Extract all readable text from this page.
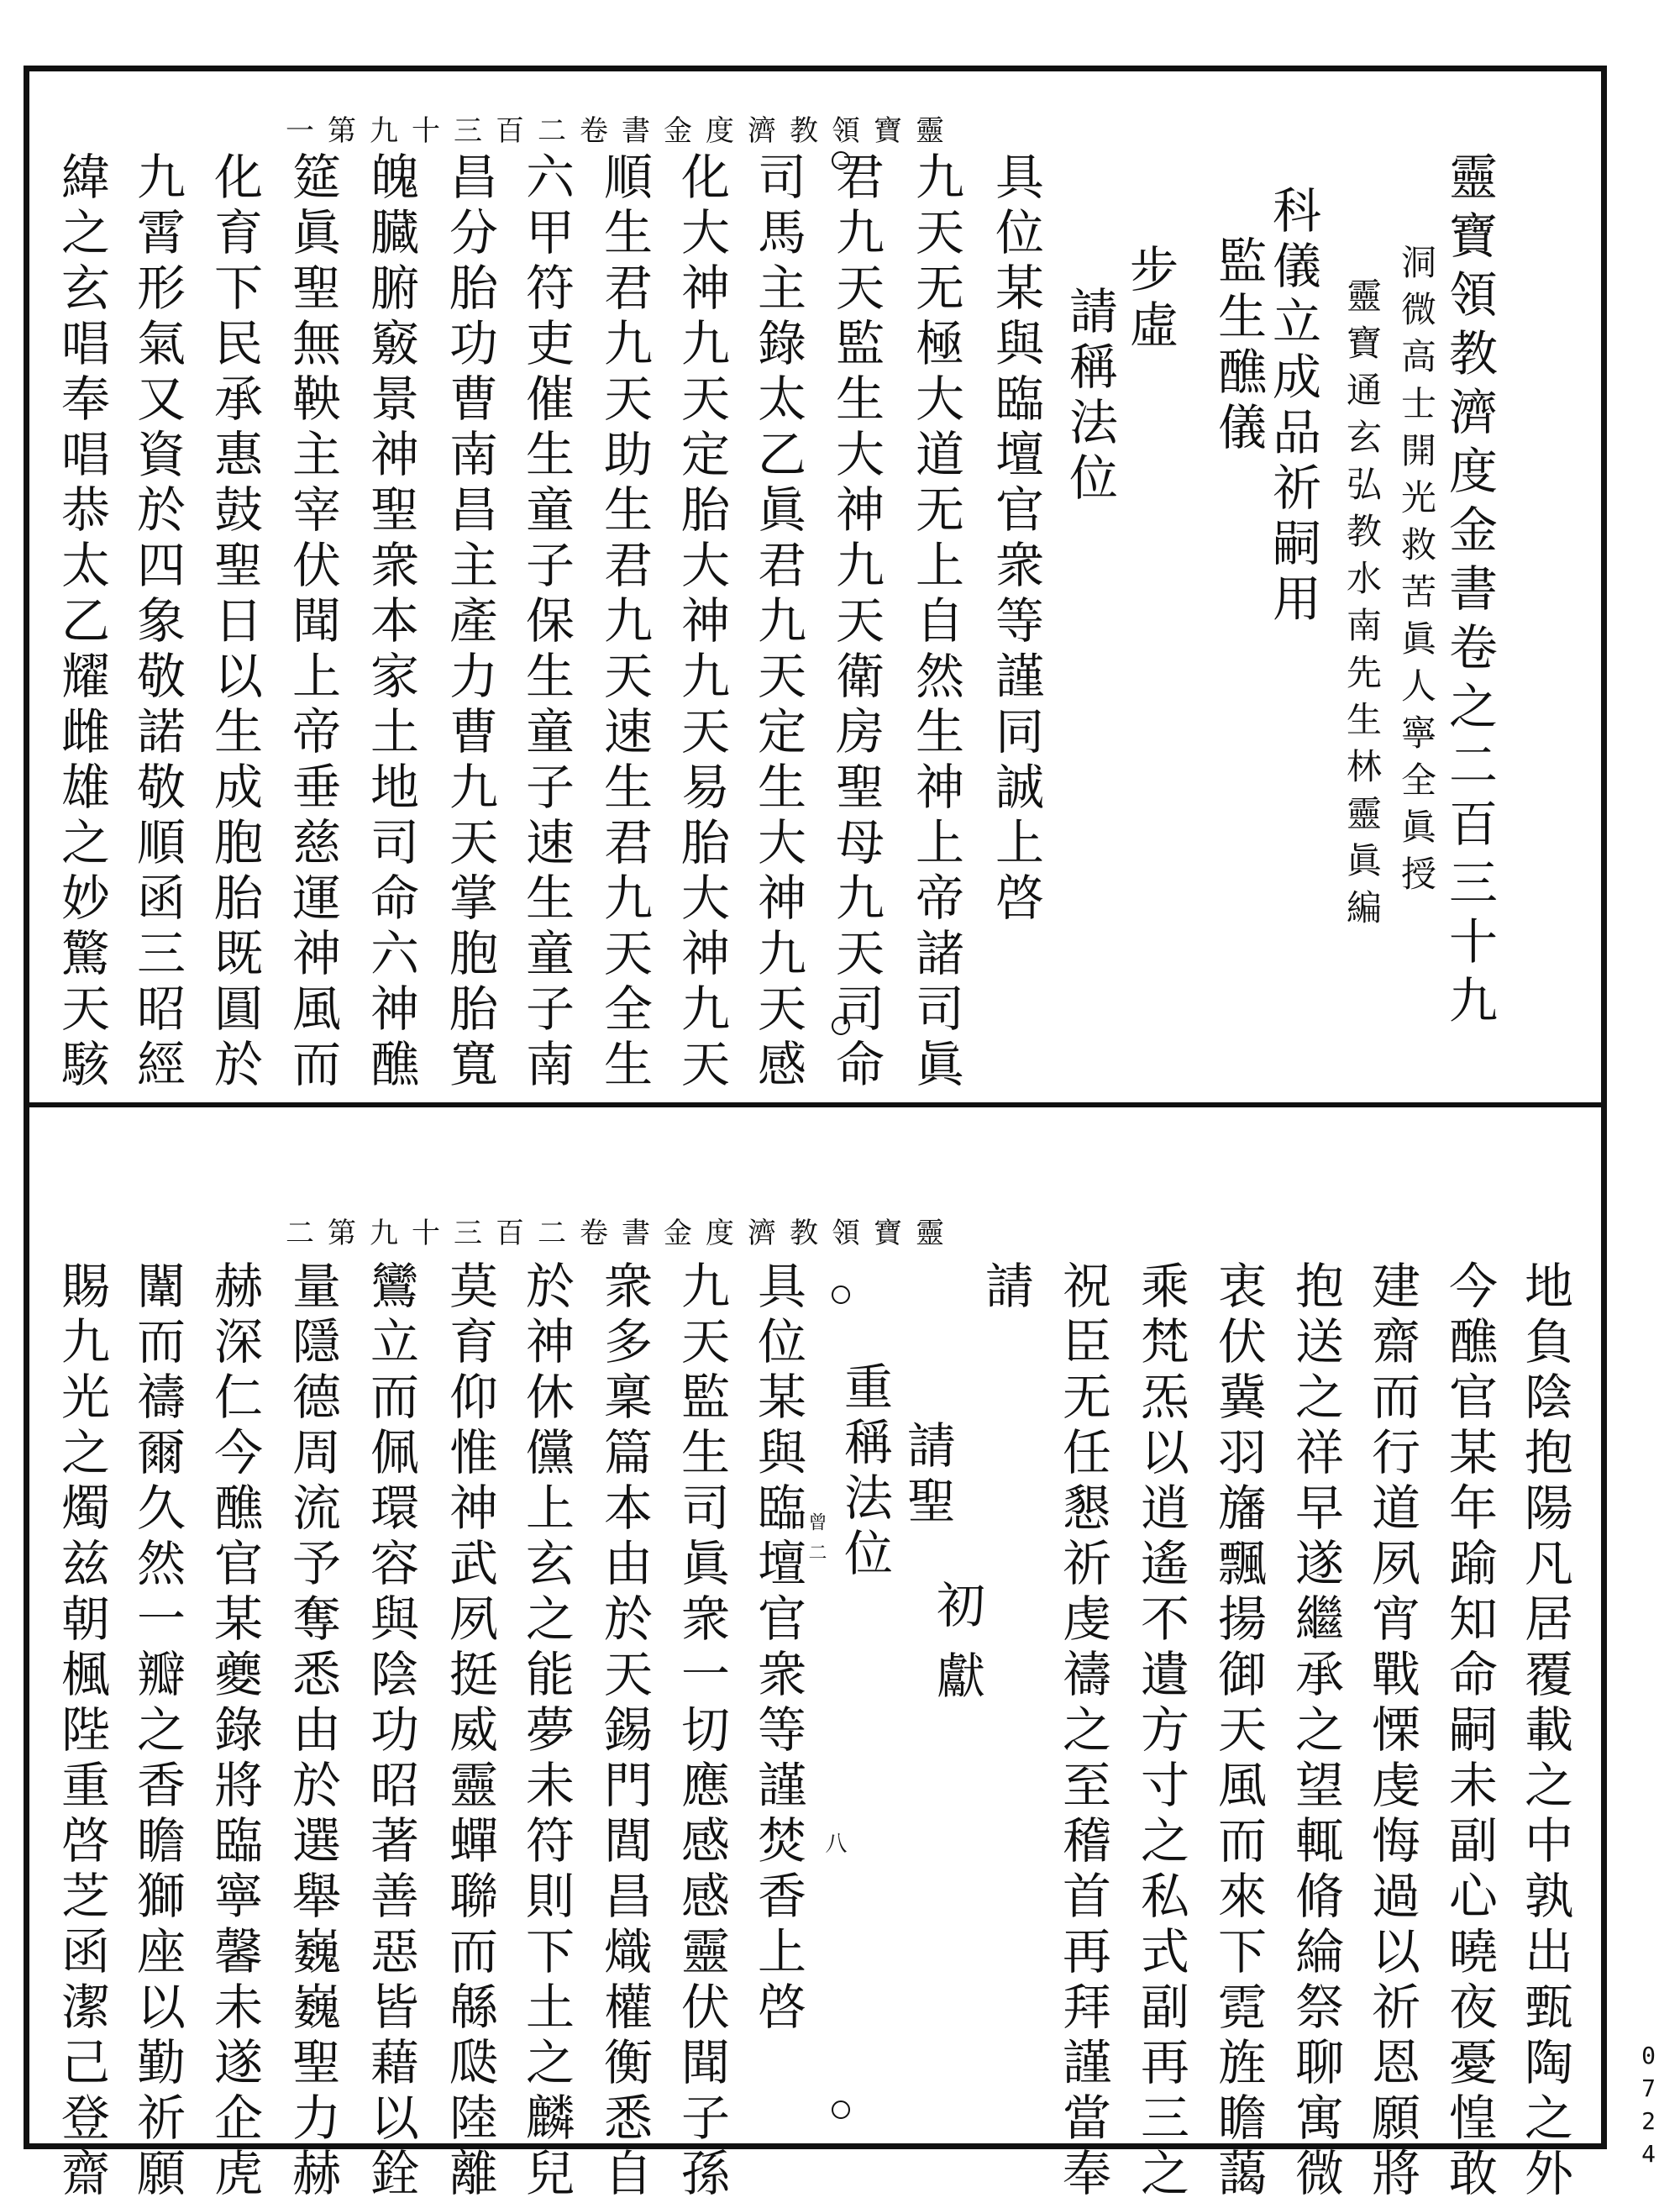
靈寶領教濟度金書卷二百三十九第一
靈寶領教濟度金書卷之二百三十九
洞微高士開光救苦眞人寧全眞授
靈寶通玄弘教水南先生林靈眞編
科儀立成品祈嗣用
監生醮儀
步虛
請稱法位
具位某與臨壇官衆等謹同誠上啓
九天无極大道无上自然生神上帝諸司眞
君九天監生大神九天衛房聖母九天司命
司馬主錄太乙眞君九天定生大神九天感
化大神九天定胎大神九天易胎大神九天
順生君九天助生君九天速生君九天全生
六甲符吏催生童子保生童子速生童子南
昌分胎功曹南昌主產力曹九天掌胞胎寬
魄臓腑竅景神聖衆本家土地司命六神醮
筵眞聖無鞅主宰伏聞上帝垂慈運神風而
化育下民承惠鼓聖日以生成胞胎既圓於
九霄形氣又資於四象敬諾敬順函三昭經
緯之玄唱奉唱恭太乙耀雌雄之妙驚天駭
靈寶領教濟度金書卷二百三十九第二
地負陰抱陽凡居覆載之中孰出甄陶之外
今醮官某年踰知命嗣未副心曉夜憂惶敢
建齋而行道夙宵戰慄虔悔過以祈恩願將
抱送之祥早遂繼承之望輒脩綸祭聊寓微
衷伏冀羽旛飄揚御天風而來下霓旌瞻藹
乘梵炁以逍遙不遺方寸之私式副再三之
祝臣无任懇祈虔禱之至稽首再拜謹當奉
請
初獻
請聖
重稱法位
曾二
具位某與臨壇官衆等謹焚香上啓 八
九天監生司眞衆一切應感感靈伏聞子孫
衆多稟篇本由於天錫門閭昌熾權衡悉自
於神休儻上玄之能夢未符則下土之麟兒
莫育仰惟神武夙挺威靈蟬聯而緜瓞陸離
鸞立而佩環容與陰功昭著善惡皆藉以銓
量隱德周流予奪悉由於選舉巍巍聖力赫
赫深仁今醮官某夔錄將臨寧馨未遂企虎
闈而禱爾久然一瓣之香瞻獅座以勤祈願
賜九光之燭兹朝楓陛重啓芝函潔己登齋	0724
